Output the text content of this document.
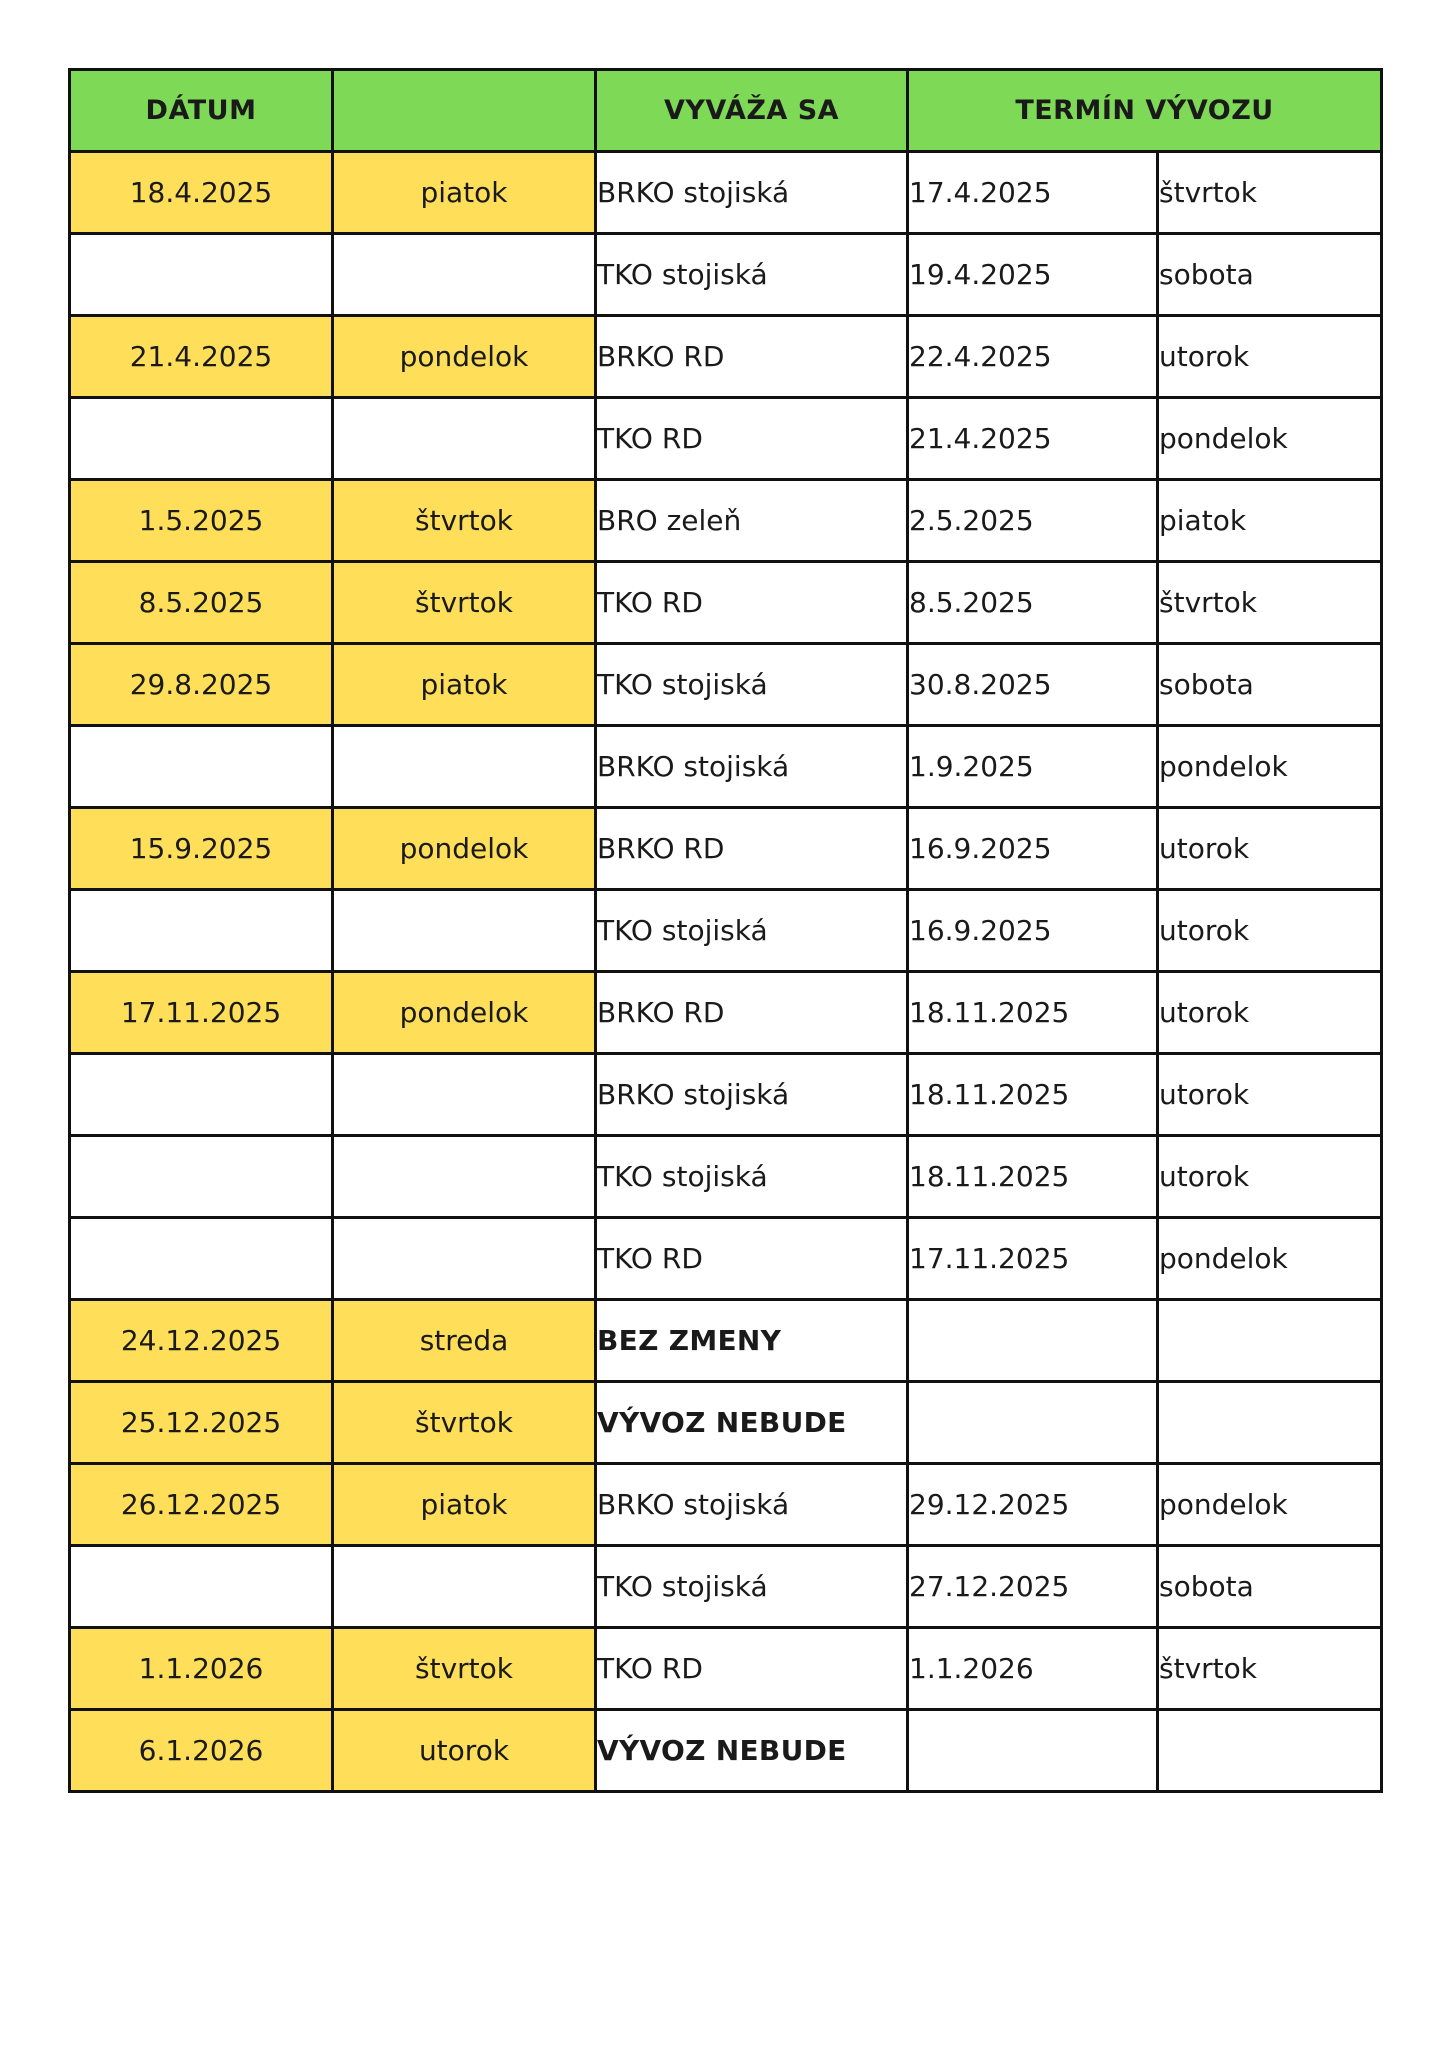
DÁTUM		VYVÁŽA SA	TERMÍN VÝVOZU	
18.4.2025	piatok	BRKO stojiská	17.4.2025	štvrtok
		TKO stojiská	19.4.2025	sobota
21.4.2025	pondelok	BRKO RD	22.4.2025	utorok
		TKO RD	21.4.2025	pondelok
1.5.2025	štvrtok	BRO zeleň	2.5.2025	piatok
8.5.2025	štvrtok	TKO RD	8.5.2025	štvrtok
29.8.2025	piatok	TKO stojiská	30.8.2025	sobota
		BRKO stojiská	1.9.2025	pondelok
15.9.2025	pondelok	BRKO RD	16.9.2025	utorok
		TKO stojiská	16.9.2025	utorok
17.11.2025	pondelok	BRKO RD	18.11.2025	utorok
		BRKO stojiská	18.11.2025	utorok
		TKO stojiská	18.11.2025	utorok
		TKO RD	17.11.2025	pondelok
24.12.2025	streda	BEZ ZMENY		
25.12.2025	štvrtok	VÝVOZ NEBUDE		
26.12.2025	piatok	BRKO stojiská	29.12.2025	pondelok
		TKO stojiská	27.12.2025	sobota
1.1.2026	štvrtok	TKO RD	1.1.2026	štvrtok
6.1.2026	utorok	VÝVOZ NEBUDE		
